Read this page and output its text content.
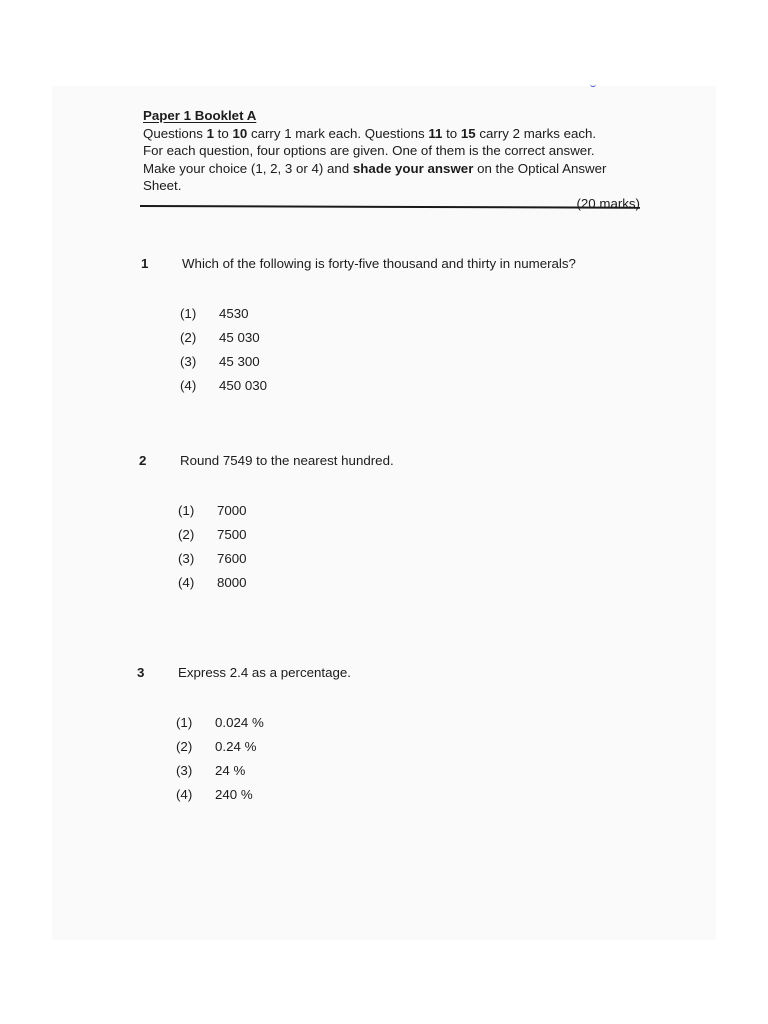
Paper 1 Booklet A
Questions 1 to 10 carry 1 mark each. Questions 11 to 15 carry 2 marks each.
For each question, four options are given. One of them is the correct answer.
Make your choice (1, 2, 3 or 4) and shade your answer on the Optical Answer Sheet.
(20 marks)
1	Which of the following is forty-five thousand and thirty in numerals?
(1) 4530
(2) 45 030
(3) 45 300
(4) 450 030
2	Round 7549 to the nearest hundred.
(1) 7000
(2) 7500
(3) 7600
(4) 8000
3	Express 2.4 as a percentage.
(1) 0.024 %
(2) 0.24 %
(3) 24 %
(4) 240 %
